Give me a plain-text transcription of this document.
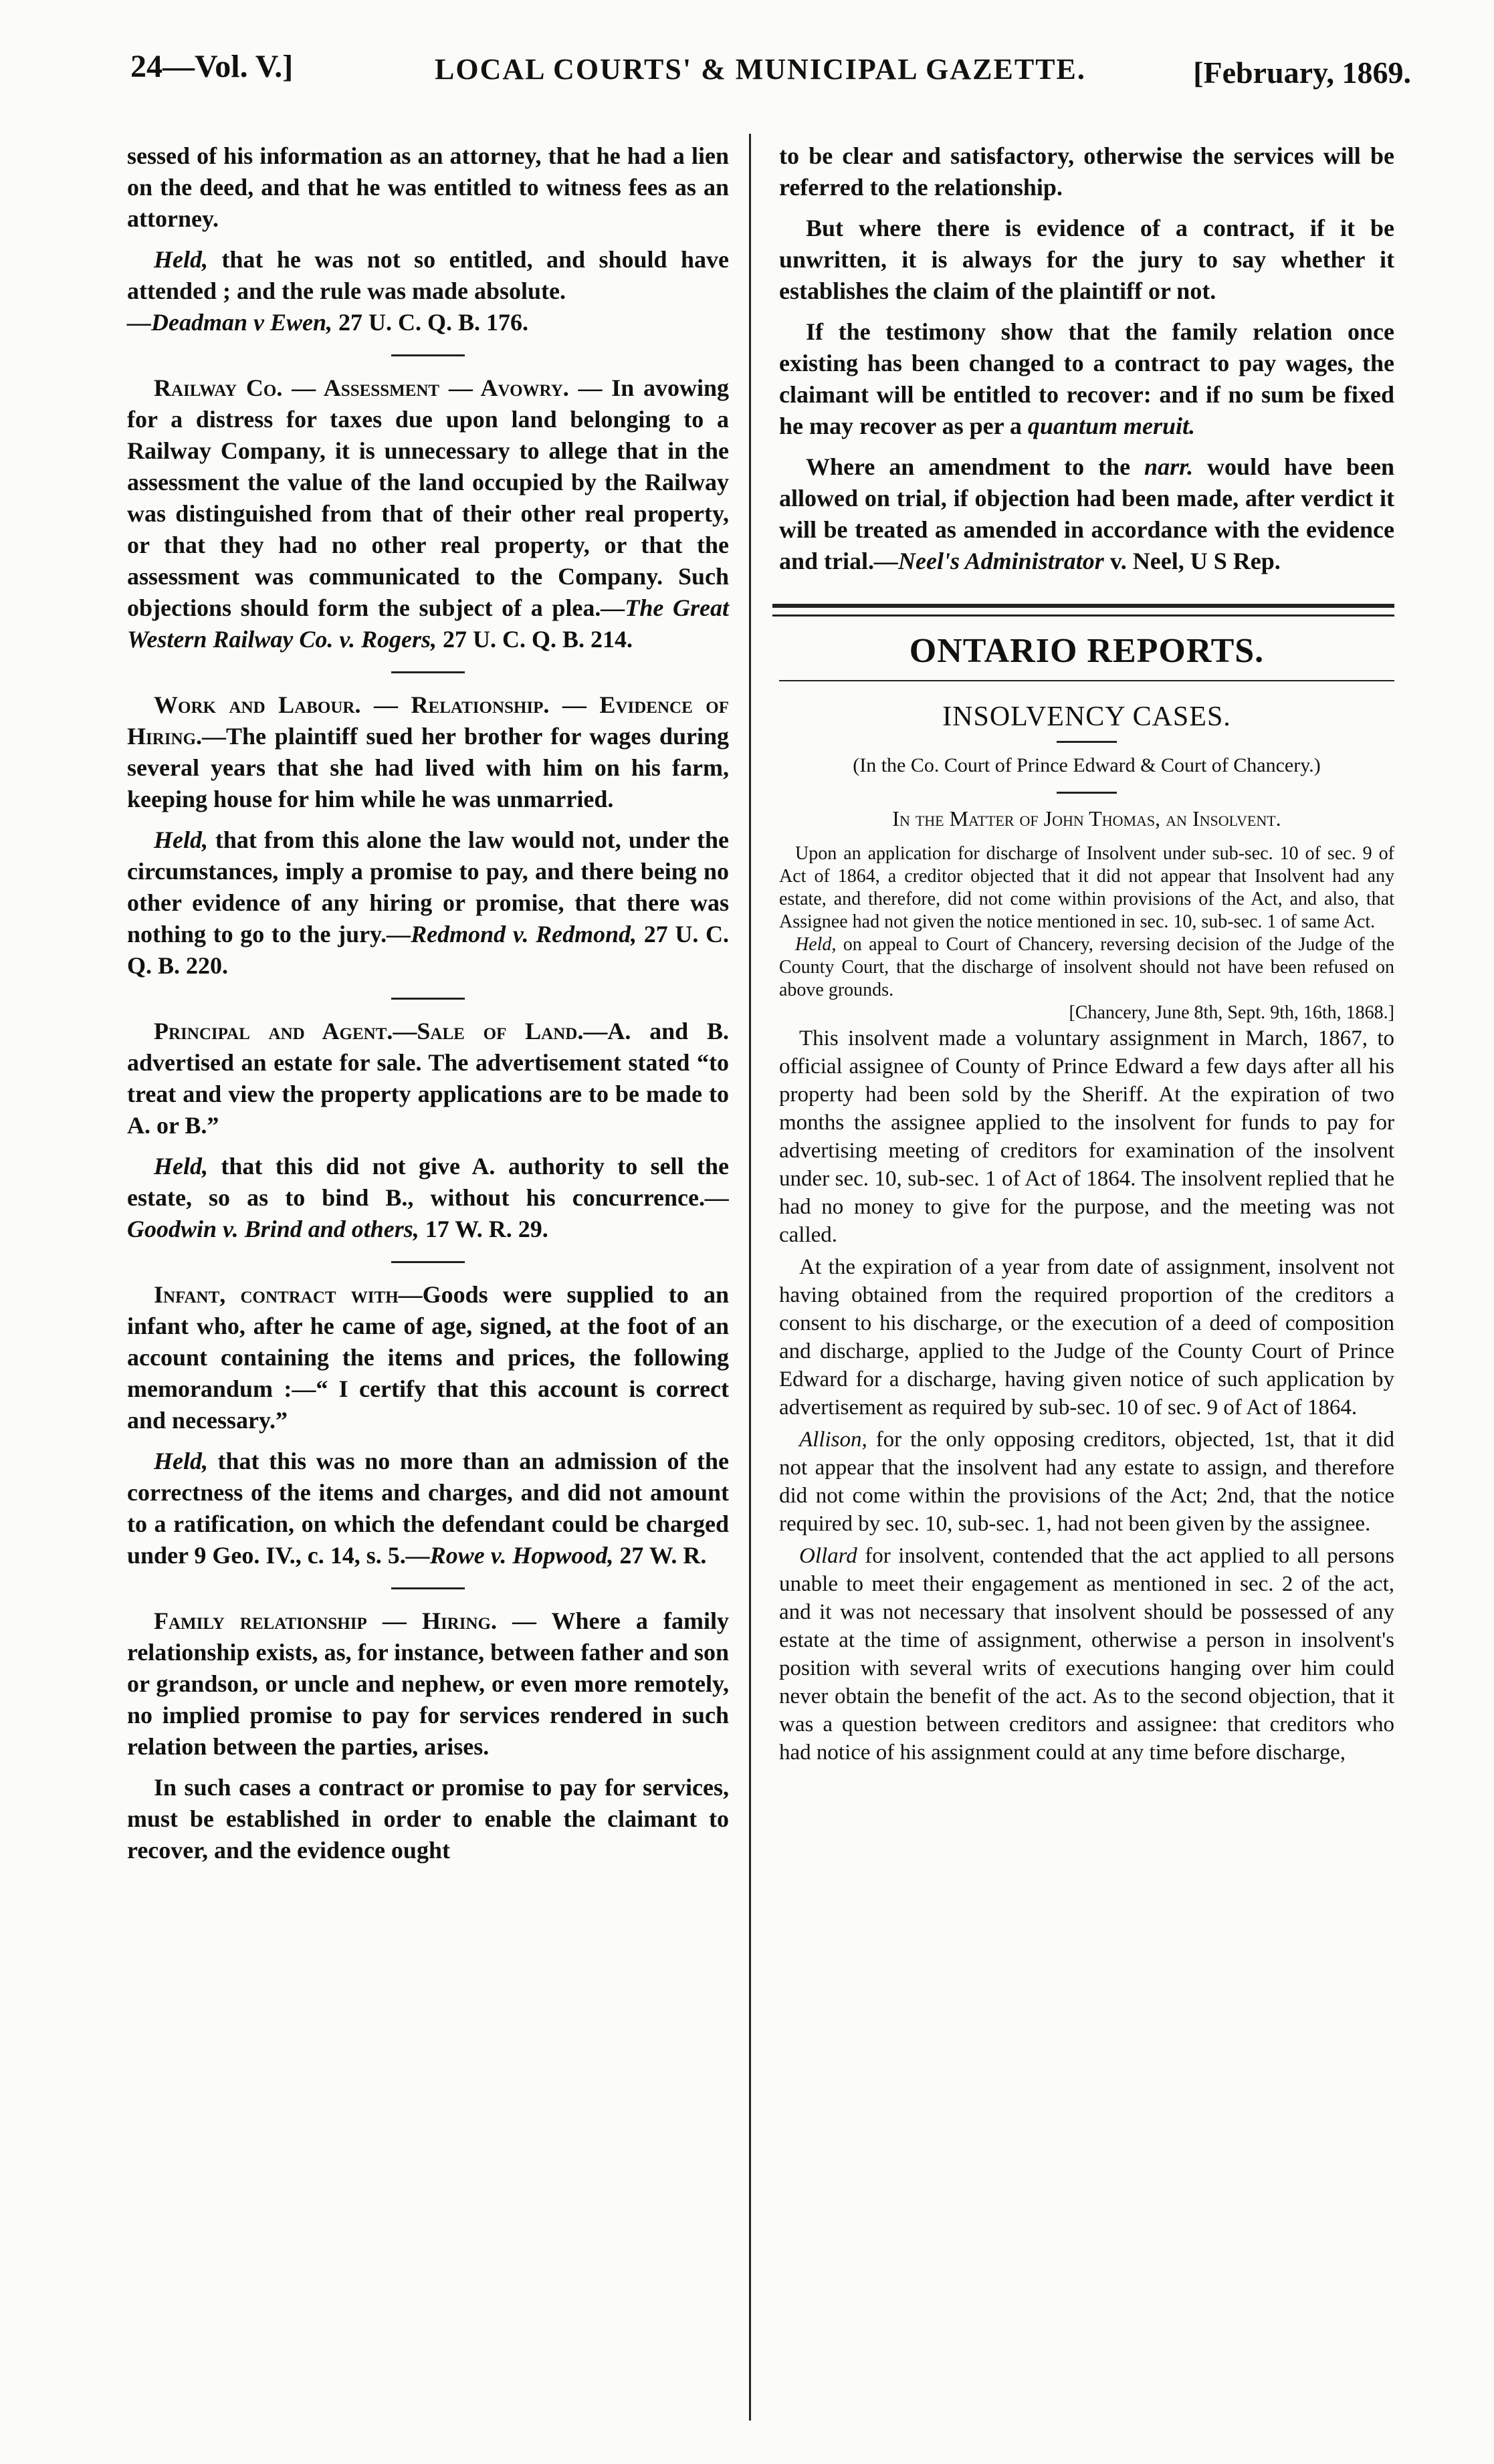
24—Vol. V.]	LOCAL COURTS' & MUNICIPAL GAZETTE.	[February, 1869.

sessed of his information as an attorney, that he had a lien on the deed, and that he was entitled to witness fees as an attorney.

Held, that he was not so entitled, and should have attended ; and the rule was made absolute.
—Deadman v Ewen, 27 U. C. Q. B. 176.

Railway Co. — Assessment — Avowry. — In avowing for a distress for taxes due upon land belonging to a Railway Company, it is unnecessary to allege that in the assessment the value of the land occupied by the Railway was distinguished from that of their other real property, or that they had no other real property, or that the assessment was communicated to the Company. Such objections should form the subject of a plea.—The Great Western Railway Co. v. Rogers, 27 U. C. Q. B. 214.

Work and Labour. — Relationship. — Evidence of Hiring.—The plaintiff sued her brother for wages during several years that she had lived with him on his farm, keeping house for him while he was unmarried.

Held, that from this alone the law would not, under the circumstances, imply a promise to pay, and there being no other evidence of any hiring or promise, that there was nothing to go to the jury.—Redmond v. Redmond, 27 U. C. Q. B. 220.

Principal and Agent.—Sale of Land.—A. and B. advertised an estate for sale. The advertisement stated “to treat and view the property applications are to be made to A. or B.”

Held, that this did not give A. authority to sell the estate, so as to bind B., without his concurrence.—Goodwin v. Brind and others, 17 W. R. 29.

Infant, contract with—Goods were supplied to an infant who, after he came of age, signed, at the foot of an account containing the items and prices, the following memorandum :—“ I certify that this account is correct and necessary.”

Held, that this was no more than an admission of the correctness of the items and charges, and did not amount to a ratification, on which the defendant could be charged under 9 Geo. IV., c. 14, s. 5.—Rowe v. Hopwood, 27 W. R.

Family relationship — Hiring. — Where a family relationship exists, as, for instance, between father and son or grandson, or uncle and nephew, or even more remotely, no implied promise to pay for services rendered in such relation between the parties, arises.

In such cases a contract or promise to pay for services, must be established in order to enable the claimant to recover, and the evidence ought

to be clear and satisfactory, otherwise the services will be referred to the relationship.

But where there is evidence of a contract, if it be unwritten, it is always for the jury to say whether it establishes the claim of the plaintiff or not.

If the testimony show that the family relation once existing has been changed to a contract to pay wages, the claimant will be entitled to recover: and if no sum be fixed he may recover as per a quantum meruit.

Where an amendment to the narr. would have been allowed on trial, if objection had been made, after verdict it will be treated as amended in accordance with the evidence and trial.—Neel's Administrator v. Neel, U S Rep.

ONTARIO REPORTS.
INSOLVENCY CASES.
(In the Co. Court of Prince Edward & Court of Chancery.)
In the Matter of John Thomas, an Insolvent.

Upon an application for discharge of Insolvent under sub-sec. 10 of sec. 9 of Act of 1864, a creditor objected that it did not appear that Insolvent had any estate, and therefore, did not come within provisions of the Act, and also, that Assignee had not given the notice mentioned in sec. 10, sub-sec. 1 of same Act.

Held, on appeal to Court of Chancery, reversing decision of the Judge of the County Court, that the discharge of insolvent should not have been refused on above grounds.

[Chancery, June 8th, Sept. 9th, 16th, 1868.]

This insolvent made a voluntary assignment in March, 1867, to official assignee of County of Prince Edward a few days after all his property had been sold by the Sheriff. At the expiration of two months the assignee applied to the insolvent for funds to pay for advertising meeting of creditors for examination of the insolvent under sec. 10, sub-sec. 1 of Act of 1864. The insolvent replied that he had no money to give for the purpose, and the meeting was not called.

At the expiration of a year from date of assignment, insolvent not having obtained from the required proportion of the creditors a consent to his discharge, or the execution of a deed of composition and discharge, applied to the Judge of the County Court of Prince Edward for a discharge, having given notice of such application by advertisement as required by sub-sec. 10 of sec. 9 of Act of 1864.

Allison, for the only opposing creditors, objected, 1st, that it did not appear that the insolvent had any estate to assign, and therefore did not come within the provisions of the Act; 2nd, that the notice required by sec. 10, sub-sec. 1, had not been given by the assignee.

Ollard for insolvent, contended that the act applied to all persons unable to meet their engagement as mentioned in sec. 2 of the act, and it was not necessary that insolvent should be possessed of any estate at the time of assignment, otherwise a person in insolvent's position with several writs of executions hanging over him could never obtain the benefit of the act. As to the second objection, that it was a question between creditors and assignee: that creditors who had notice of his assignment could at any time before discharge,
